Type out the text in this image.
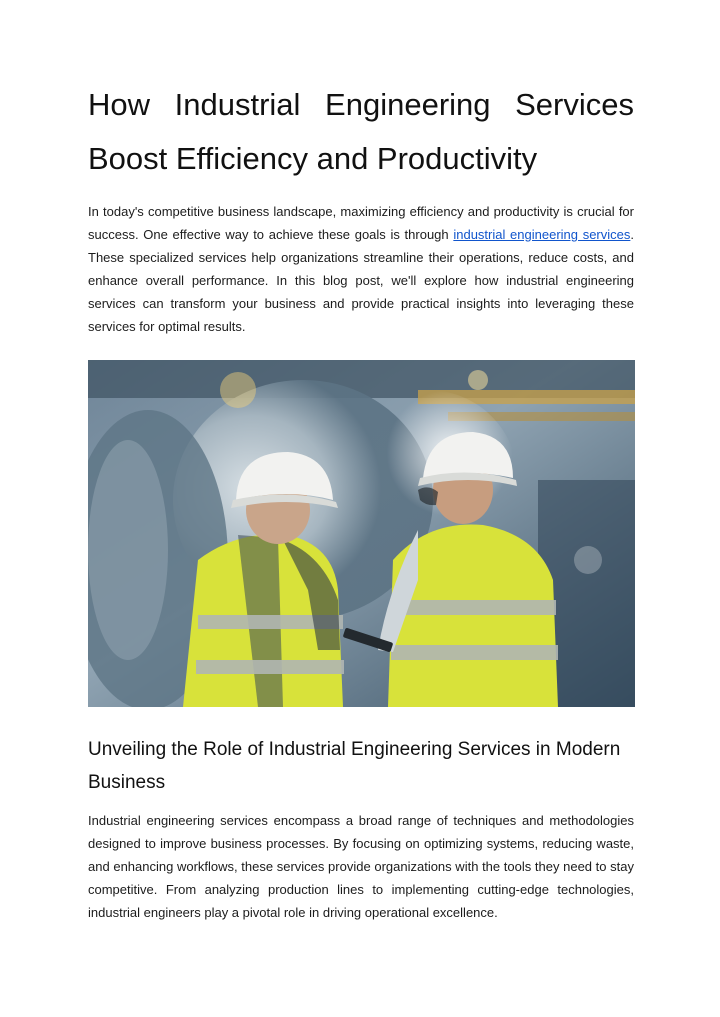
How Industrial Engineering Services
Boost Efficiency and Productivity

In today's competitive business landscape, maximizing efficiency and productivity is crucial for success. One effective way to achieve these goals is through industrial engineering services. These specialized services help organizations streamline their operations, reduce costs, and enhance overall performance. In this blog post, we'll explore how industrial engineering services can transform your business and provide practical insights into leveraging these services for optimal results.

Unveiling the Role of Industrial Engineering Services in Modern Business

Industrial engineering services encompass a broad range of techniques and methodologies designed to improve business processes. By focusing on optimizing systems, reducing waste, and enhancing workflows, these services provide organizations with the tools they need to stay competitive. From analyzing production lines to implementing cutting-edge technologies, industrial engineers play a pivotal role in driving operational excellence.
